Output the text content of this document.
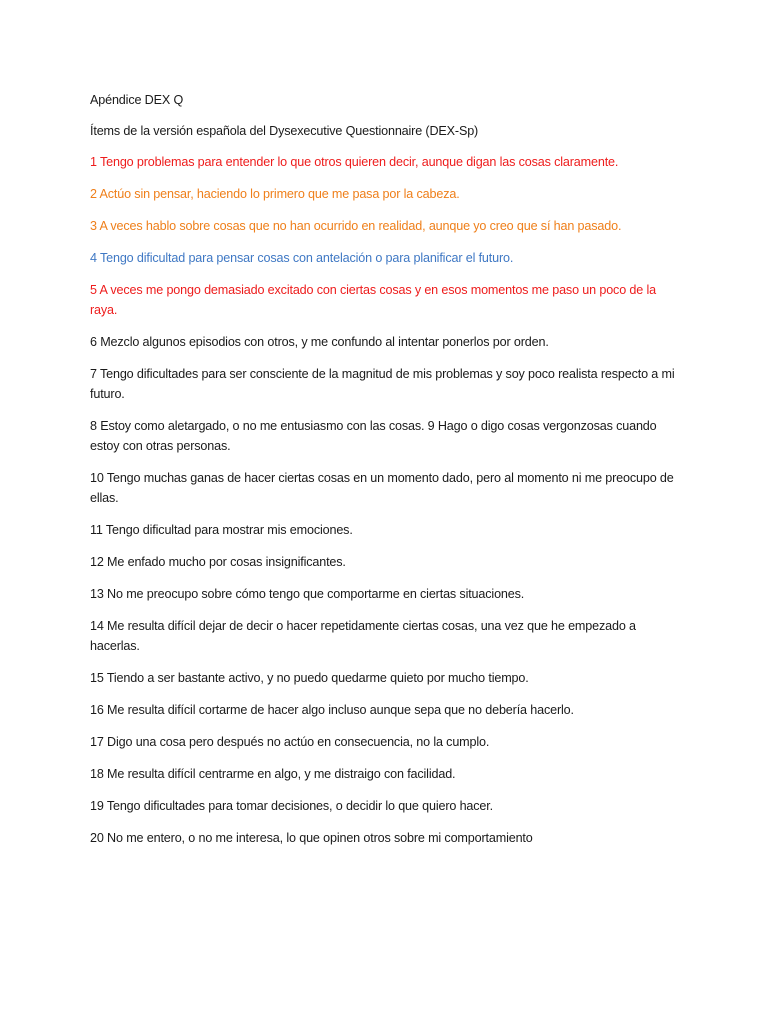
Apéndice DEX Q

Ítems de la versión española del Dysexecutive Questionnaire (DEX-Sp)

1 Tengo problemas para entender lo que otros quieren decir, aunque digan las cosas claramente.

2 Actúo sin pensar, haciendo lo primero que me pasa por la cabeza.

3 A veces hablo sobre cosas que no han ocurrido en realidad, aunque yo creo que sí han pasado.

4 Tengo dificultad para pensar cosas con antelación o para planificar el futuro.

5 A veces me pongo demasiado excitado con ciertas cosas y en esos momentos me paso un poco de la raya.

6 Mezclo algunos episodios con otros, y me confundo al intentar ponerlos por orden.

7 Tengo dificultades para ser consciente de la magnitud de mis problemas y soy poco realista respecto a mi futuro.

8 Estoy como aletargado, o no me entusiasmo con las cosas. 9 Hago o digo cosas vergonzosas cuando estoy con otras personas.

10 Tengo muchas ganas de hacer ciertas cosas en un momento dado, pero al momento ni me preocupo de ellas.

11 Tengo dificultad para mostrar mis emociones.

12 Me enfado mucho por cosas insignificantes.

13 No me preocupo sobre cómo tengo que comportarme en ciertas situaciones.

14 Me resulta difícil dejar de decir o hacer repetidamente ciertas cosas, una vez que he empezado a hacerlas.

15 Tiendo a ser bastante activo, y no puedo quedarme quieto por mucho tiempo.

16 Me resulta difícil cortarme de hacer algo incluso aunque sepa que no debería hacerlo.

17 Digo una cosa pero después no actúo en consecuencia, no la cumplo.

18 Me resulta difícil centrarme en algo, y me distraigo con facilidad.

19 Tengo dificultades para tomar decisiones, o decidir lo que quiero hacer.

20 No me entero, o no me interesa, lo que opinen otros sobre mi comportamiento
